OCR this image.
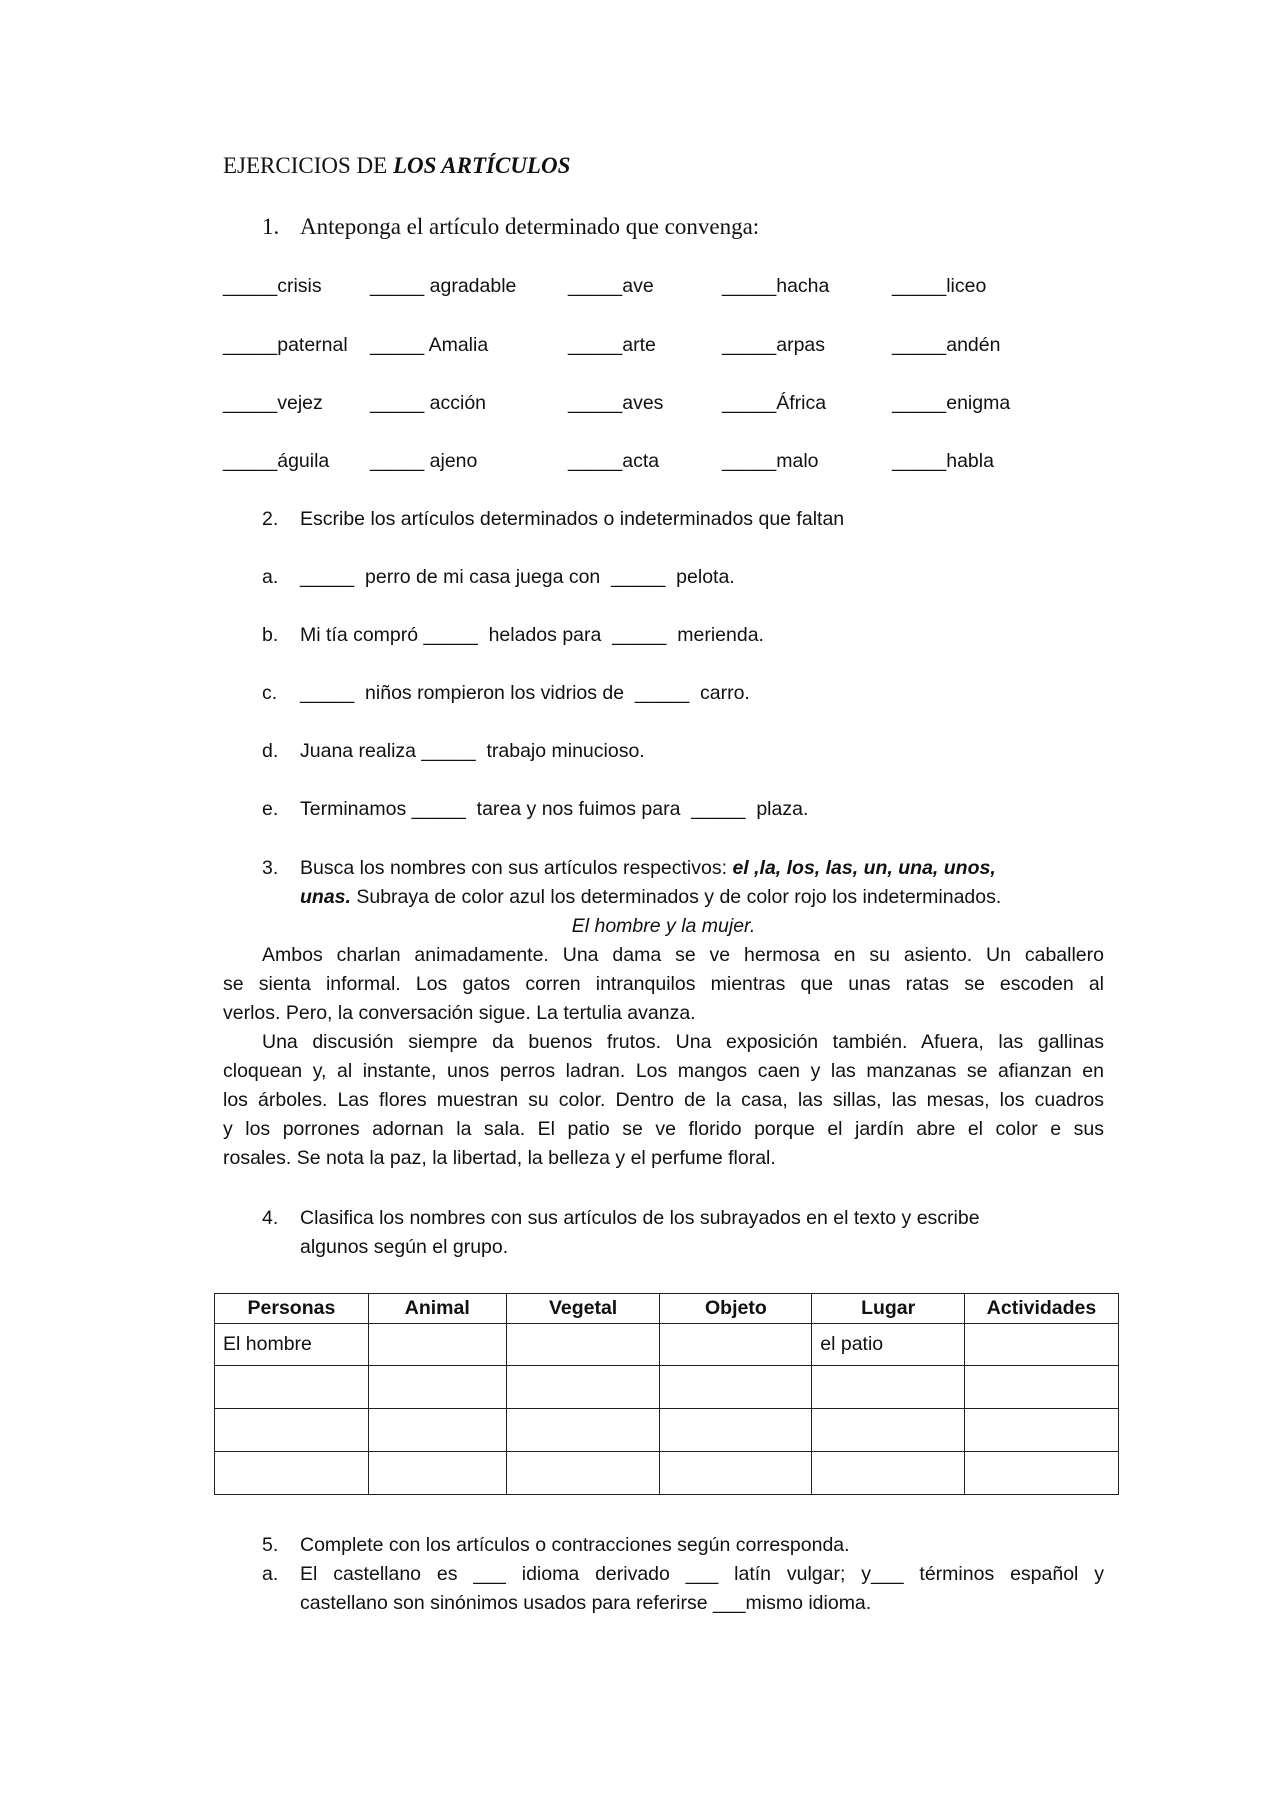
EJERCICIOS DE LOS ARTÍCULOS
1. Anteponga el artículo determinado que convenga:
_____crisis _____ agradable	_____ave	_____hacha	_____liceo
_____paternal _____ Amalia	_____arte	_____arpas	_____andén
_____vejez _____ acción	_____aves	_____África	_____enigma
_____águila _____ ajeno	_____acta	_____malo	_____habla
2. Escribe los artículos determinados o indeterminados que faltan
a. _____  perro de mi casa juega con  _____  pelota.
b. Mi tía compró _____  helados para  _____  merienda.
c. _____  niños rompieron los vidrios de  _____  carro.
d. Juana realiza _____  trabajo minucioso.
e. Terminamos _____  tarea y nos fuimos para  _____  plaza.
3. Busca los nombres con sus artículos respectivos: el ,la, los, las, un, una, unos,
unas. Subraya de color azul los determinados y de color rojo los indeterminados.
El hombre y la mujer.
Ambos charlan animadamente. Una dama se ve hermosa en su asiento. Un caballero
se sienta informal. Los gatos corren intranquilos mientras que unas ratas se escoden al
verlos. Pero, la conversación sigue. La tertulia avanza.
Una discusión siempre da buenos frutos. Una exposición también. Afuera, las gallinas
cloquean y, al instante, unos perros ladran. Los mangos caen y las manzanas se afianzan en
los árboles. Las flores muestran su color. Dentro de la casa, las sillas, las mesas, los cuadros
y los porrones adornan la sala. El patio se ve florido porque el jardín abre el color e sus
rosales. Se nota la paz, la libertad, la belleza y el perfume floral.
4. Clasifica los nombres con sus artículos de los subrayados en el texto y escribe
algunos según el grupo.
Personas	Animal	Vegetal	Objeto	Lugar	Actividades
El hombre				el patio	

5. Complete con los artículos o contracciones según corresponda.
a. El castellano es ___ idioma derivado ___ latín vulgar; y___ términos español y
castellano son sinónimos usados para referirse ___mismo idioma.
